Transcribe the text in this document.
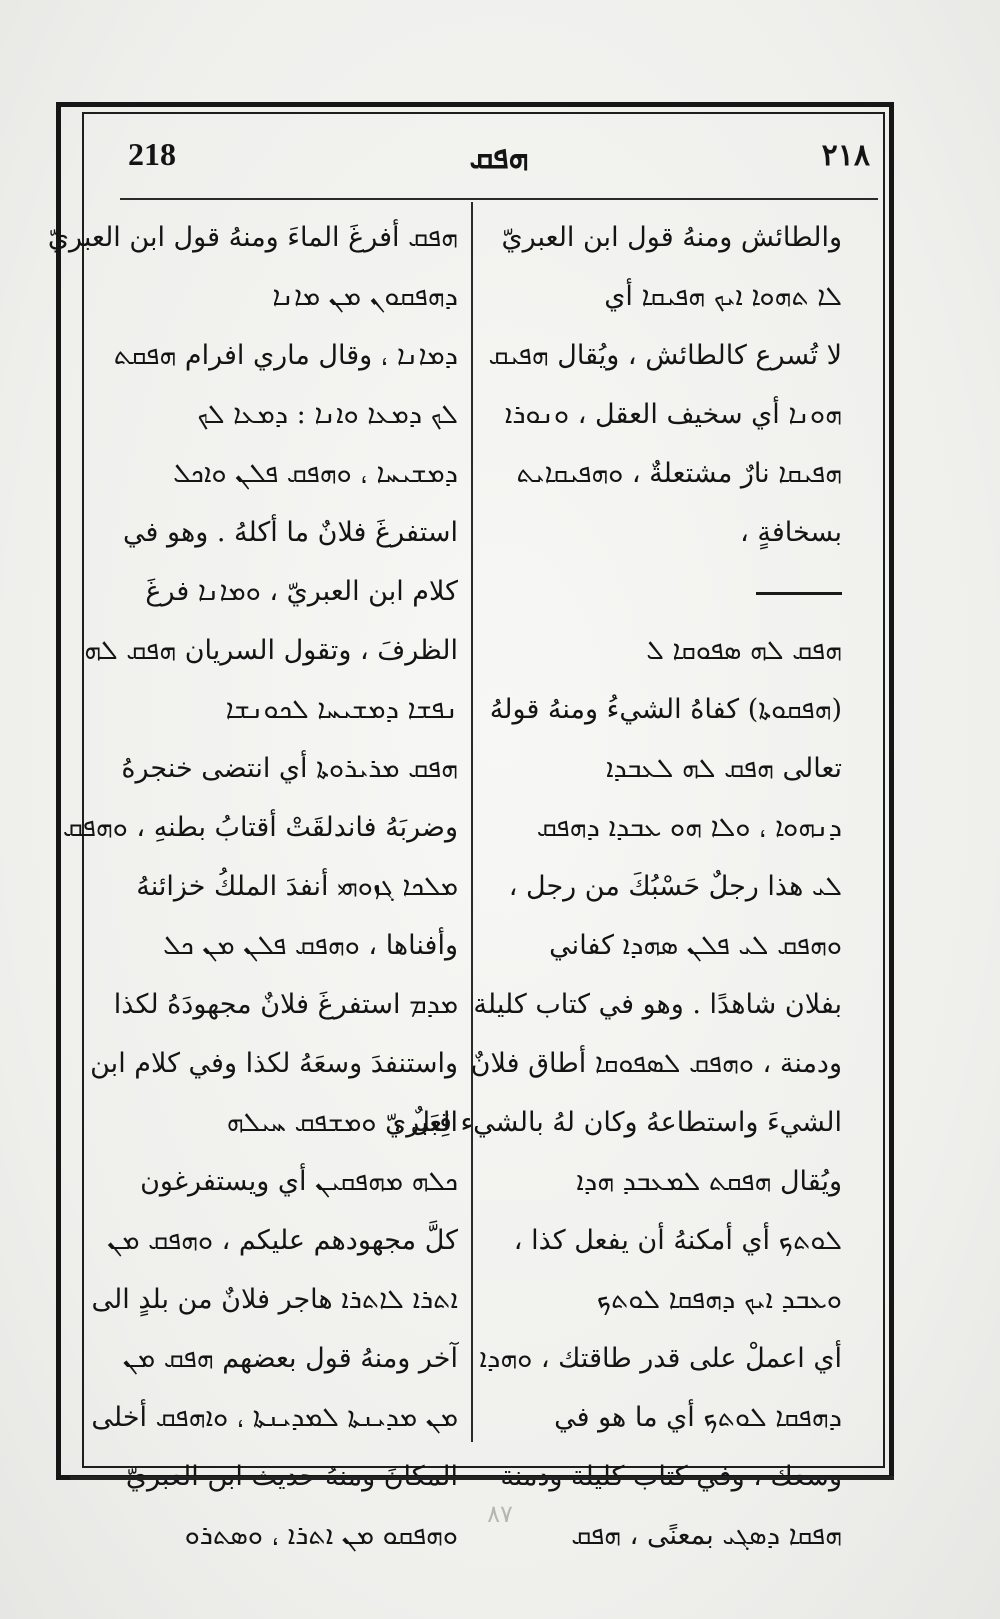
218	ܗܦܩ	٢١٨
والطائش ومنهُ قول ابن العبريّ
ܠܐ ܬܗܘܐ ܐܝܟ ܗܦܝܩܐ أي
لا تُسرع كالطائش ، ويُقال ܗܦܝܩ
ܗܘܢܐ أي سخيف العقل ، ܘܢܘܪܐ
ܗܦܝܩܐ نارٌ مشتعلةٌ ، ܘܗܦܝܩܐܝܬ
بسخافةٍ ،
ܗܦܩ ܠܗ ܣܦܘܩܐ ܠ
(ܗܦܩܘܬܐ) كفاهُ الشيءُ ومنهُ قولهُ
تعالى ܗܦܩ ܠܗ ܠܥܒܕܐ
ܕܢܗܘܐ ، ܘܠܐ ܗܘ ܥܒܕܐ ܕܗܦܩ
ܠܝ هذا رجلٌ حَسْبُكَ من رجل ،
ܘܗܦܩ ܠܝ ܦܠܢ ܣܗܕܐ كفاني
بفلان شاهدًا . وهو في كتاب كليلة
ودمنة ، ܘܗܦܩ ܠܣܦܘܩܐ أطاق فلانٌ
الشيءَ واستطاعهُ وكان لهُ بالشيء قِبَلٌ ،
ويُقال ܗܦܩܬ ܠܡܥܒܕ ܗܕܐ
ܠܘܬܟ أي أمكنهُ أن يفعل كذا ،
ܘܥܒܕ ܐܝܟ ܕܗܦܩܐ ܠܘܬܟ
أي اعملْ على قدر طاقتك ، ܘܗܕܐ
ܕܗܦܩܐ ܠܘܬܟ أي ما هو في
وسعك ، وفي كتاب كليلة ودمنة
ܗܦܩܐ ܕܣܓܝ بمعنًى ، ܗܦܩ
ܗܦܩ أفرغَ الماءَ ومنهُ قول ابن العبريّ
ܕܗܦܩܘܢ ܡܢ ܡܐܢܐ
ܕܡܐܢܐ ، وقال ماري افرام ܗܦܩܬ
ܠܟ ܕܡܥܐ ܘܐܢܐ : ܕܡܥܐ ܠܟ
ܕܡܫܝܚܐ ، ܘܗܦܩ ܦܠܢ ܘܐܟܠ
استفرغَ فلانٌ ما أكلهُ . وهو في
كلام ابن العبريّ ، ܘܡܐܢܐ فرغَ
الظرفَ ، وتقول السريان ܗܦܩ ܠܗ
ܢܦܫܐ ܕܡܫܝܚܐ ܠܟܘܢܫܐ
ܗܦܩ ܡܪܝܪܘܬܐ أي انتضى خنجرهُ
وضربَهُ فاندلقَتْ أقتابُ بطنهِ ، ܘܗܦܩ
ܡܠܟܐ ܓܙܘܗܝ أنفدَ الملكُ خزائنهُ
وأفناها ، ܘܗܦܩ ܦܠܢ ܡܢ ܟܠ
ܡܕܡ استفرغَ فلانٌ مجهودَهُ لكذا
واستنفدَ وسعَهُ لكذا وفي كلام ابن
العبريّ ܘܡܫܦܩ ܚܝܠܗ
ܟܠܗ ܡܗܦܩܝܢ أي ويستفرغون
كلَّ مجهودهم عليكم ، ܘܗܦܩ ܡܢ
ܐܬܪܐ ܠܐܬܪܐ هاجر فلانٌ من بلدٍ الى
آخر ومنهُ قول بعضهم ܗܦܩ ܡܢ
ܡܢ ܡܕܝܢܬܐ ܠܡܕܝܢܬܐ ، ܘܐܗܦܩ أخلى
المكانَ ومنهُ حديث ابن العبريّ
ܘܗܦܩܘ ܡܢ ܐܬܪܐ ، ܘܣܬܪܘ
٨٧
